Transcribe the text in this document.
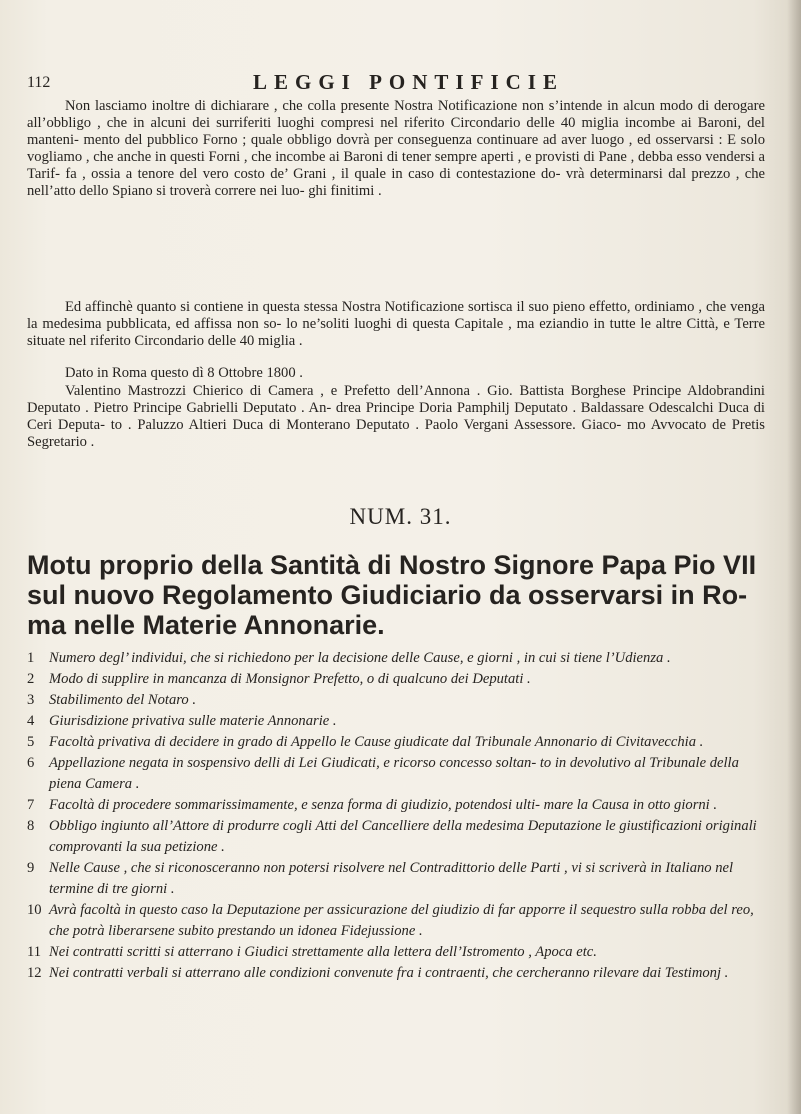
112	LEGGI PONTIFICIE

Non lasciamo inoltre di dichiarare , che colla presente Nostra Notificazione non s’intende in alcun modo di derogare all’obbligo , che in alcuni dei surriferiti luoghi compresi nel riferito Circondario delle 40 miglia incombe ai Baroni, del manteni- mento del pubblico Forno ; quale obbligo dovrà per conseguenza continuare ad aver luogo , ed osservarsi : E solo vogliamo , che anche in questi Forni , che incombe ai Baroni di tener sempre aperti , e provisti di Pane , debba esso vendersi a Tarif- fa , ossia a tenore del vero costo de’ Grani , il quale in caso di contestazione do- vrà determinarsi dal prezzo , che nell’atto dello Spiano si troverà correre nei luo- ghi finitimi .

Ed affinchè quanto si contiene in questa stessa Nostra Notificazione sortisca il suo pieno effetto, ordiniamo , che venga la medesima pubblicata, ed affissa non so- lo ne’soliti luoghi di questa Capitale , ma eziandio in tutte le altre Città, e Terre situate nel riferito Circondario delle 40 miglia .

Dato in Roma questo dì 8 Ottobre 1800 .

Valentino Mastrozzi Chierico di Camera , e Prefetto dell’Annona . Gio. Battista Borghese Principe Aldobrandini Deputato . Pietro Principe Gabrielli Deputato . An- drea Principe Doria Pamphilj Deputato . Baldassare Odescalchi Duca di Ceri Deputa- to . Paluzzo Altieri Duca di Monterano Deputato . Paolo Vergani Assessore. Giaco- mo Avvocato de Pretis Segretario .

NUM. 31.
Motu proprio della Santità di Nostro Signore Papa Pio VII
sul nuovo Regolamento Giudiciario da osservarsi in Ro-
ma nelle Materie Annonarie.
1	Numero degl’ individui, che si richiedono per la decisione delle Cause, e giorni , in cui si tiene l’Udienza .
2	Modo di supplire in mancanza di Monsignor Prefetto, o di qualcuno dei Deputati .
3	Stabilimento del Notaro .
4	Giurisdizione privativa sulle materie Annonarie .
5	Facoltà privativa di decidere in grado di Appello le Cause giudicate dal Tribunale Annonario di Civitavecchia .
6	Appellazione negata in sospensivo delli di Lei Giudicati, e ricorso concesso soltan- to in devolutivo al Tribunale della piena Camera .
7	Facoltà di procedere sommarissimamente, e senza forma di giudizio, potendosi ulti- mare la Causa in otto giorni .
8	Obbligo ingiunto all’Attore di produrre cogli Atti del Cancelliere della medesima Deputazione le giustificazioni originali comprovanti la sua petizione .
9	Nelle Cause , che si riconosceranno non potersi risolvere nel Contradittorio delle Parti , vi si scriverà in Italiano nel termine di tre giorni .
10 Avrà facoltà in questo caso la Deputazione per assicurazione del giudizio di far apporre il sequestro sulla robba del reo, che potrà liberarsene subito prestando un idonea Fidejussione .
11 Nei contratti scritti si atterrano i Giudici strettamente alla lettera dell’Istromento , Apoca etc.
12 Nei contratti verbali si atterrano alle condizioni convenute fra i contraenti, che cercheranno rilevare dai Testimonj .
